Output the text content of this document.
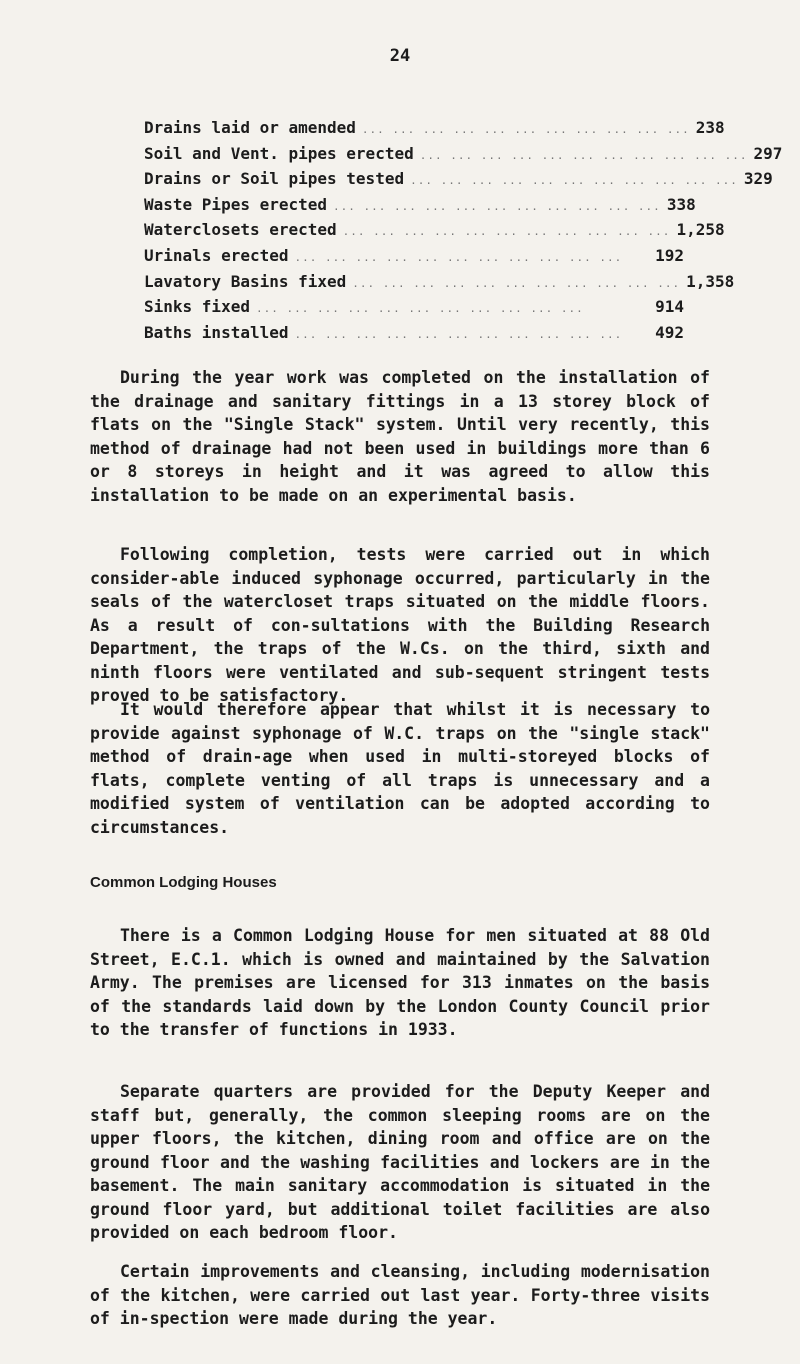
24
Drains laid or amended ... ... ... ... ... ... ... ... ... ... ... 238
Soil and Vent. pipes erected ... ... ... ... ... ... ... ... ... ... ... 297
Drains or Soil pipes tested ... ... ... ... ... ... ... ... ... ... ... 329
Waste Pipes erected ... ... ... ... ... ... ... ... ... ... ... 338
Waterclosets erected ... ... ... ... ... ... ... ... ... ... ... 1,258
Urinals erected ... ... ... ... ... ... ... ... ... ... ...	192
Lavatory Basins fixed ... ... ... ... ... ... ... ... ... ... ... 1,358
Sinks fixed ... ... ... ... ... ... ... ... ... ... ...	914
Baths installed ... ... ... ... ... ... ... ... ... ... ...	492

During the year work was completed on the installation of the drainage and sanitary fittings in a 13 storey block of flats on the "Single Stack" system. Until very recently, this method of drainage had not been used in buildings more than 6 or 8 storeys in height and it was agreed to allow this installation to be made on an experimental basis.

Following completion, tests were carried out in which consider-able induced syphonage occurred, particularly in the seals of the watercloset traps situated on the middle floors. As a result of con-sultations with the Building Research Department, the traps of the W.Cs. on the third, sixth and ninth floors were ventilated and sub-sequent stringent tests proved to be satisfactory.

It would therefore appear that whilst it is necessary to provide against syphonage of W.C. traps on the "single stack" method of drain-age when used in multi-storeyed blocks of flats, complete venting of all traps is unnecessary and a modified system of ventilation can be adopted according to circumstances.

Common Lodging Houses

There is a Common Lodging House for men situated at 88 Old Street, E.C.1. which is owned and maintained by the Salvation Army. The premises are licensed for 313 inmates on the basis of the standards laid down by the London County Council prior to the transfer of functions in 1933.

Separate quarters are provided for the Deputy Keeper and staff but, generally, the common sleeping rooms are on the upper floors, the kitchen, dining room and office are on the ground floor and the washing facilities and lockers are in the basement. The main sanitary accommodation is situated in the ground floor yard, but additional toilet facilities are also provided on each bedroom floor.

Certain improvements and cleansing, including modernisation of the kitchen, were carried out last year. Forty-three visits of in-spection were made during the year.
